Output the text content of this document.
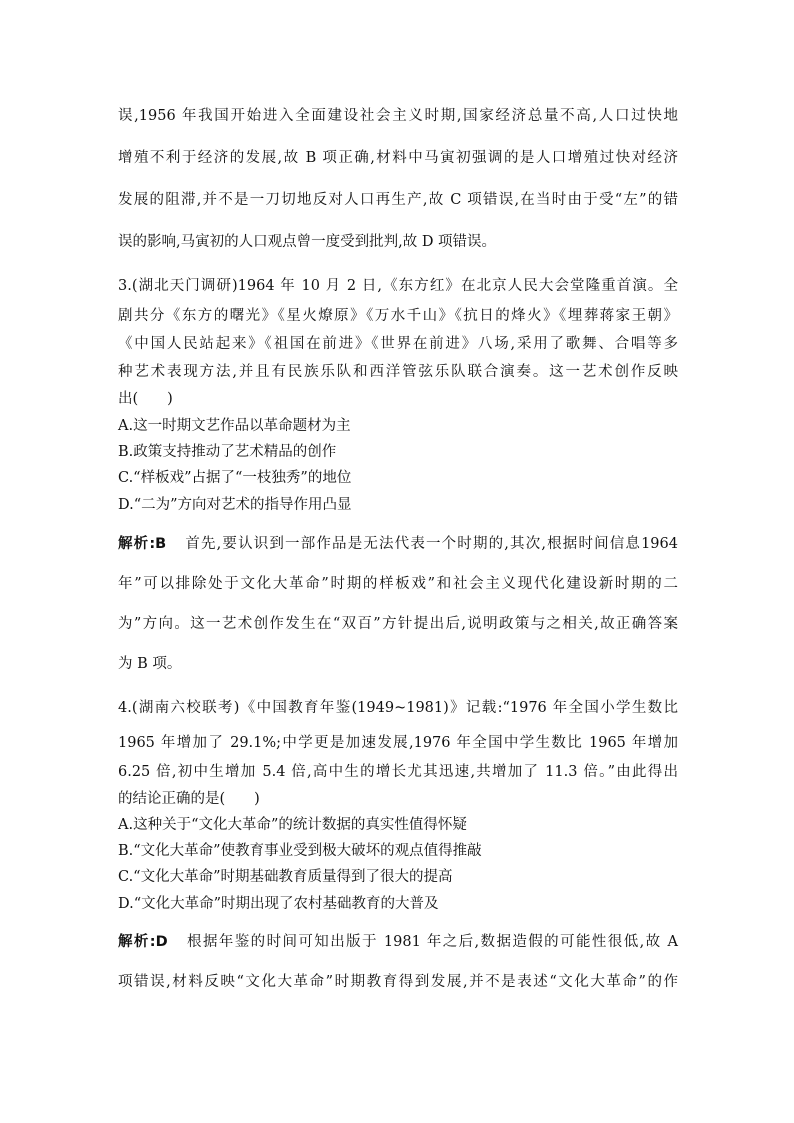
误,1956 年我国开始进入全面建设社会主义时期,国家经济总量不高,人口过快地
增殖不利于经济的发展,故 B 项正确,材料中马寅初强调的是人口增殖过快对经济
发展的阻滞,并不是一刀切地反对人口再生产,故 C 项错误,在当时由于受“左”的错
误的影响,马寅初的人口观点曾一度受到批判,故 D 项错误。
3.(湖北天门调研)1964 年 10 月 2 日,《东方红》在北京人民大会堂隆重首演。全
剧共分《东方的曙光》《星火燎原》《万水千山》《抗日的烽火》《埋葬蒋家王朝》
《中国人民站起来》《祖国在前进》《世界在前进》八场,采用了歌舞、合唱等多
种艺术表现方法,并且有民族乐队和西洋管弦乐队联合演奏。这一艺术创作反映
出(　　)
A.这一时期文艺作品以革命题材为主
B.政策支持推动了艺术精品的创作
C.“样板戏”占据了“一枝独秀”的地位
D.“二为”方向对艺术的指导作用凸显
解析:B 首先,要认识到一部作品是无法代表一个时期的,其次,根据时间信息1964
年”可以排除处于文化大革命”时期的样板戏”和社会主义现代化建设新时期的二
为”方向。这一艺术创作发生在“双百”方针提出后,说明政策与之相关,故正确答案
为 B 项。
4.(湖南六校联考)《中国教育年鉴(1949~1981)》记载:“1976 年全国小学生数比
1965 年增加了 29.1%;中学更是加速发展,1976 年全国中学生数比 1965 年增加
6.25 倍,初中生增加 5.4 倍,高中生的增长尤其迅速,共增加了 11.3 倍。”由此得出
的结论正确的是(　　)
A.这种关于“文化大革命”的统计数据的真实性值得怀疑
B.“文化大革命”使教育事业受到极大破坏的观点值得推敲
C.“文化大革命”时期基础教育质量得到了很大的提高
D.“文化大革命”时期出现了农村基础教育的大普及
解析:D 根据年鉴的时间可知出版于 1981 年之后,数据造假的可能性很低,故 A
项错误,材料反映“文化大革命”时期教育得到发展,并不是表述“文化大革命”的作
